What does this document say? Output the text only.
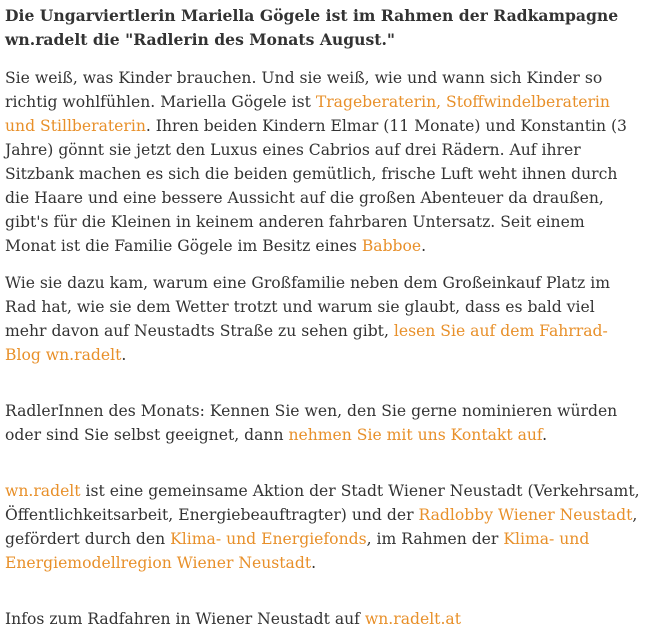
Die Ungarviertlerin Mariella Gögele ist im Rahmen der Radkampagne wn.radelt die "Radlerin des Monats August."

Sie weiß, was Kinder brauchen. Und sie weiß, wie und wann sich Kinder so richtig wohlfühlen. Mariella Gögele ist Trageberaterin, Stoffwindelberaterin und Stillberaterin. Ihren beiden Kindern Elmar (11 Monate) und Konstantin (3 Jahre) gönnt sie jetzt den Luxus eines Cabrios auf drei Rädern. Auf ihrer Sitzbank machen es sich die beiden gemütlich, frische Luft weht ihnen durch die Haare und eine bessere Aussicht auf die großen Abenteuer da draußen, gibt's für die Kleinen in keinem anderen fahrbaren Untersatz. Seit einem Monat ist die Familie Gögele im Besitz eines Babboe.

Wie sie dazu kam, warum eine Großfamilie neben dem Großeinkauf Platz im Rad hat, wie sie dem Wetter trotzt und warum sie glaubt, dass es bald viel mehr davon auf Neustadts Straße zu sehen gibt, lesen Sie auf dem Fahrrad-Blog wn.radelt.

RadlerInnen des Monats: Kennen Sie wen, den Sie gerne nominieren würden oder sind Sie selbst geeignet, dann nehmen Sie mit uns Kontakt auf.

wn.radelt ist eine gemeinsame Aktion der Stadt Wiener Neustadt (Verkehrsamt, Öffentlichkeitsarbeit, Energiebeauftragter) und der Radlobby Wiener Neustadt, gefördert durch den Klima- und Energiefonds, im Rahmen der Klima- und Energiemodellregion Wiener Neustadt.

Infos zum Radfahren in Wiener Neustadt auf wn.radelt.at
